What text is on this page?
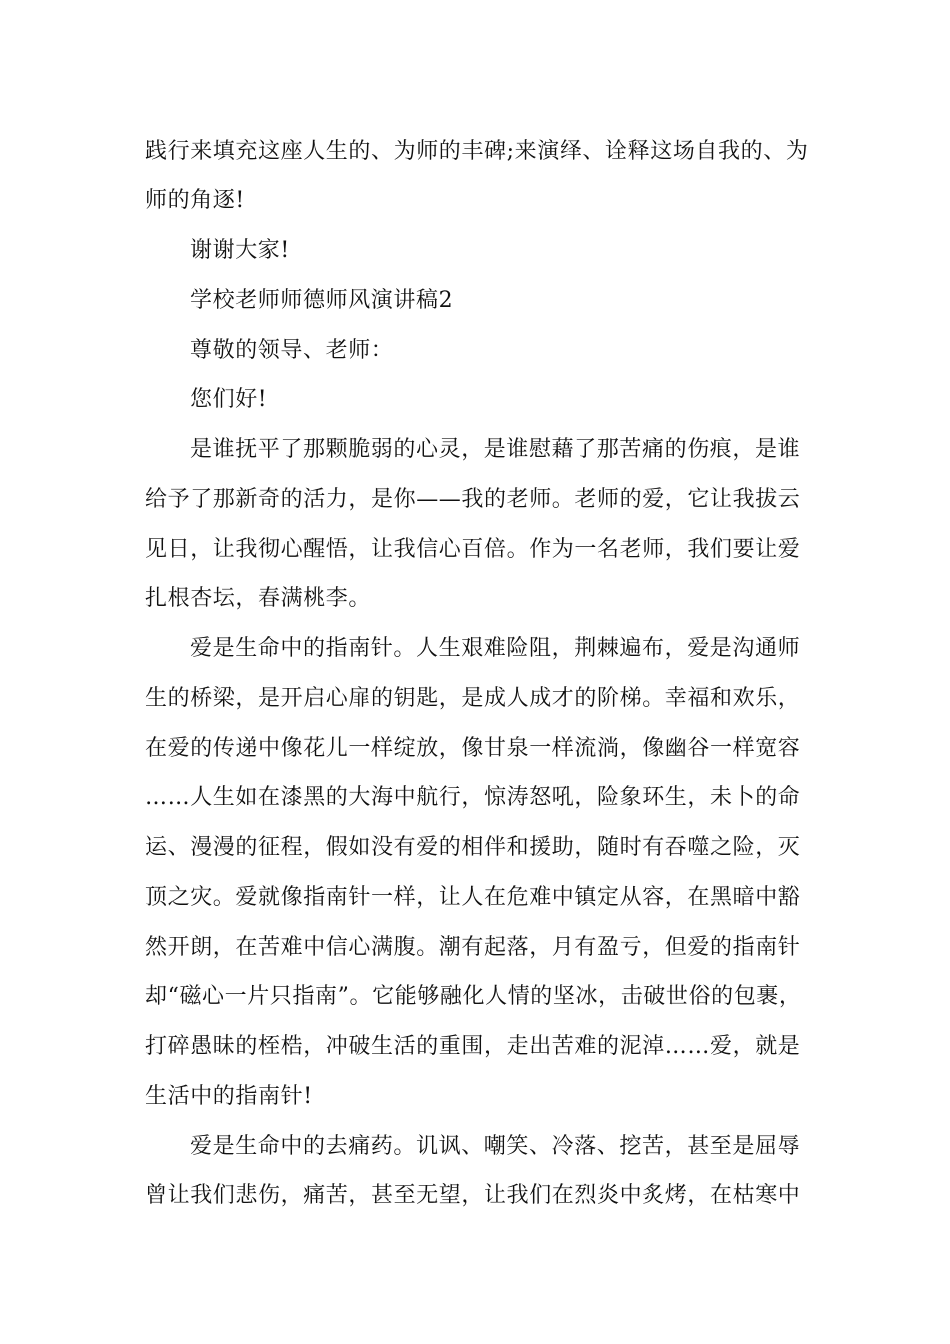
践行来填充这座人生的、为师的丰碑;来演绎、诠释这场自我的、为
师的角逐!
谢谢大家!
学校老师师德师风演讲稿2
尊敬的领导、老师：
您们好!
是谁抚平了那颗脆弱的心灵，是谁慰藉了那苦痛的伤痕，是谁
给予了那新奇的活力，是你——我的老师。老师的爱，它让我拔云
见日，让我彻心醒悟，让我信心百倍。作为一名老师，我们要让爱
扎根杏坛，春满桃李。
爱是生命中的指南针。人生艰难险阻，荆棘遍布，爱是沟通师
生的桥梁，是开启心扉的钥匙，是成人成才的阶梯。幸福和欢乐，
在爱的传递中像花儿一样绽放，像甘泉一样流淌，像幽谷一样宽容
……人生如在漆黑的大海中航行，惊涛怒吼，险象环生，未卜的命
运、漫漫的征程，假如没有爱的相伴和援助，随时有吞噬之险，灭
顶之灾。爱就像指南针一样，让人在危难中镇定从容，在黑暗中豁
然开朗，在苦难中信心满腹。潮有起落，月有盈亏，但爱的指南针
却“磁心一片只指南”。它能够融化人情的坚冰，击破世俗的包裹，
打碎愚昧的桎梏，冲破生活的重围，走出苦难的泥淖……爱，就是
生活中的指南针!
爱是生命中的去痛药。讥讽、嘲笑、冷落、挖苦，甚至是屈辱
曾让我们悲伤，痛苦，甚至无望，让我们在烈炎中炙烤，在枯寒中
